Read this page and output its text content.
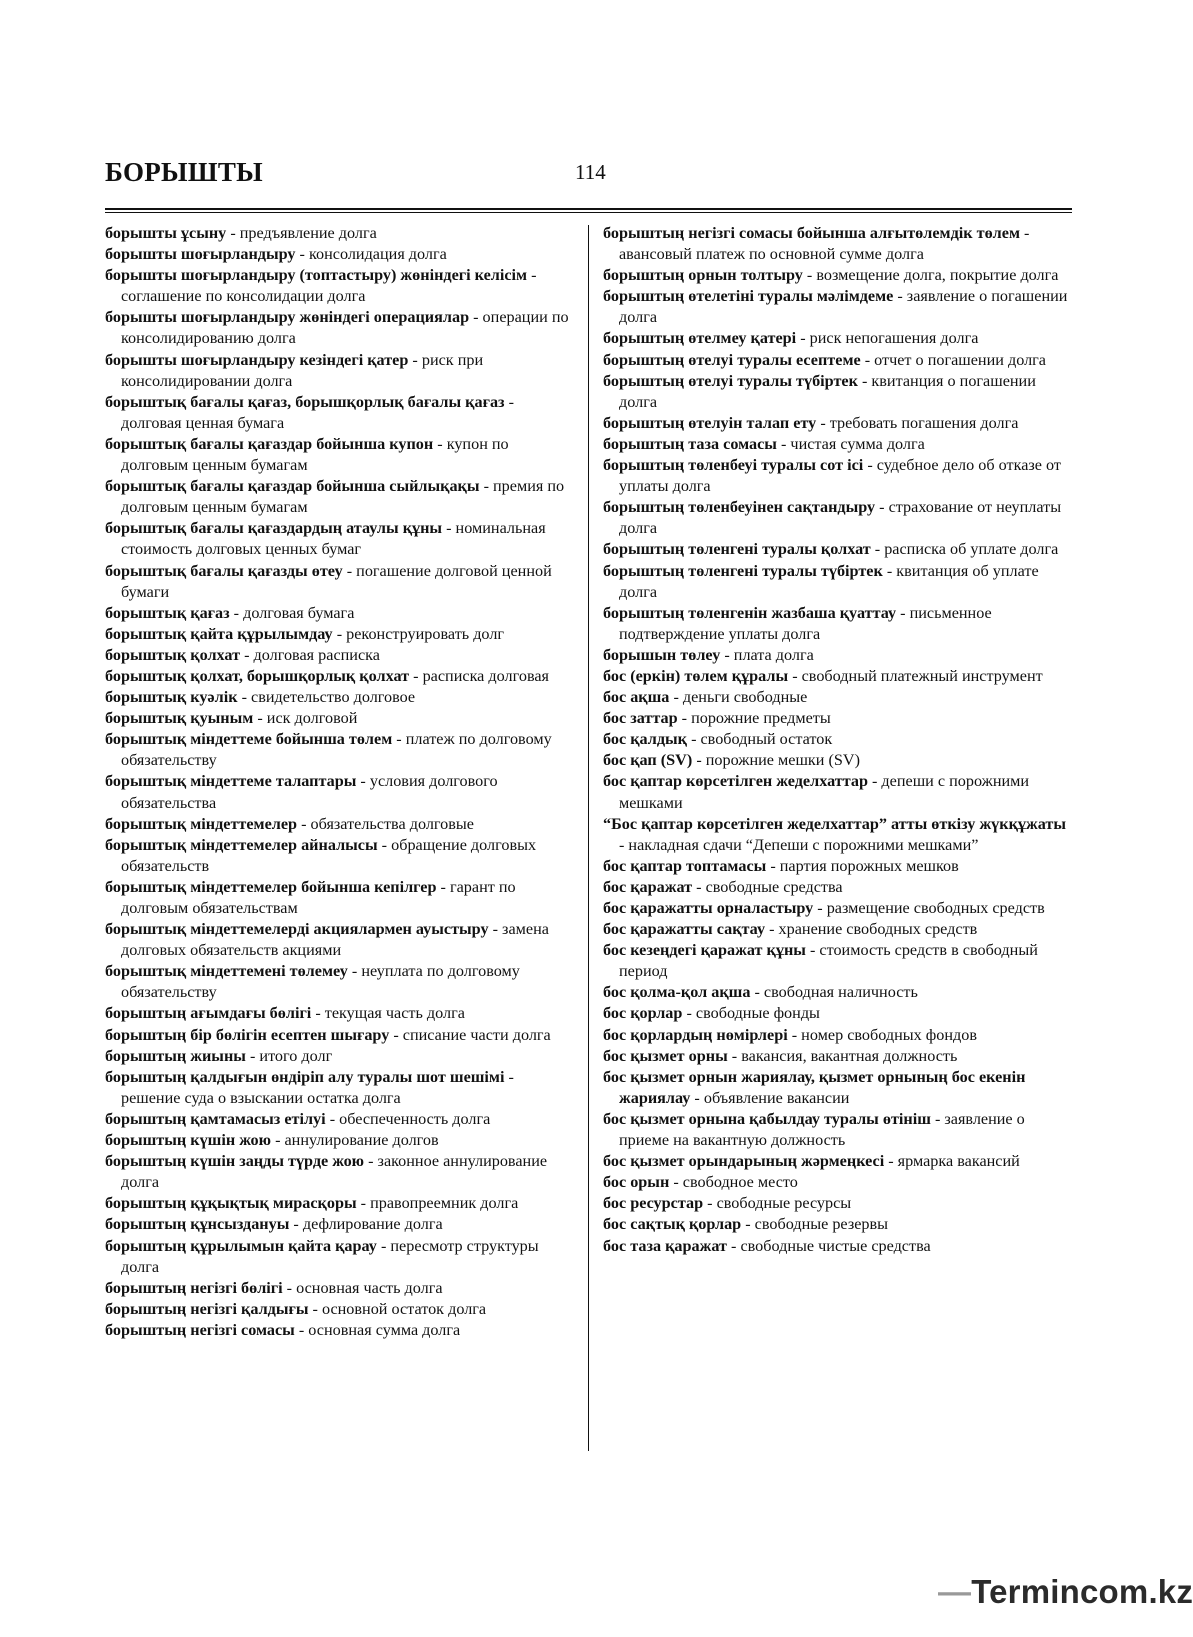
БОРЫШТЫ	114
борышты ұсыну - предъявление долга
борышты шоғырландыру - консолидация долга
борышты шоғырландыру (топтастыру) жөніндегі келісім - соглашение по консолидации долга
борышты шоғырландыру жөніндегі операциялар - операции по консолидированию долга
борышты шоғырландыру кезіндегі қатер - риск при консолидировании долга
борыштық бағалы қағаз, борышқорлық бағалы қағаз - долговая ценная бумага
борыштық бағалы қағаздар бойынша купон - купон по долговым ценным бумагам
борыштық бағалы қағаздар бойынша сыйлықақы - премия по долговым ценным бумагам
борыштық бағалы қағаздардың атаулы құны - номинальная стоимость долговых ценных бумаг
борыштық бағалы қағазды өтеу - погашение долговой ценной бумаги
борыштық қағаз - долговая бумага
борыштық қайта құрылымдау - реконструировать долг
борыштық қолхат - долговая расписка
борыштық қолхат, борышқорлық қолхат - расписка долговая
борыштық куәлік - свидетельство долговое
борыштық қуыным - иск долговой
борыштық міндеттеме бойынша төлем - платеж по долговому обязательству
борыштық міндеттеме талаптары - условия долгового обязательства
борыштық міндеттемелер - обязательства долговые
борыштық міндеттемелер айналысы - обращение долговых обязательств
борыштық міндеттемелер бойынша кепілгер - гарант по долговым обязательствам
борыштық міндеттемелерді акциялармен ауыстыру - замена долговых обязательств акциями
борыштық міндеттемені төлемеу - неуплата по долговому обязательству
борыштың ағымдағы бөлігі - текущая часть долга
борыштың бір бөлігін есептен шығару - списание части долга
борыштың жиыны - итого долг
борыштың қалдығын өндіріп алу туралы шот шешімі - решение суда о взыскании остатка долга
борыштың қамтамасыз етілуі - обеспеченность долга
борыштың күшін жою - аннулирование долгов
борыштың күшін заңды түрде жою - законное аннулирование долга
борыштың құқықтық мирасқоры - правопреемник долга
борыштың құнсыздануы - дефлирование долга
борыштың құрылымын қайта қарау - пересмотр структуры долга
борыштың негізгі бөлігі - основная часть долга
борыштың негізгі қалдығы - основной остаток долга
борыштың негізгі сомасы - основная сумма долга
борыштың негізгі сомасы бойынша алғытөлемдік төлем - авансовый платеж по основной сумме долга
борыштың орнын толтыру - возмещение долга, покрытие долга
борыштың өтелетіні туралы мәлімдеме - заявление о погашении долга
борыштың өтелмеу қатері - риск непогашения долга
борыштың өтелуі туралы есептеме - отчет о погашении долга
борыштың өтелуі туралы түбіртек - квитанция о погашении долга
борыштың өтелуін талап ету - требовать погашения долга
борыштың таза сомасы - чистая сумма долга
борыштың төленбеуі туралы сот ісі - судебное дело об отказе от уплаты долга
борыштың төленбеуінен сақтандыру - страхование от неуплаты долга
борыштың төленгені туралы қолхат - расписка об уплате долга
борыштың төленгені туралы түбіртек - квитанция об уплате долга
борыштың төленгенін жазбаша қуаттау - письменное подтверждение уплаты долга
борышын төлеу - плата долга
бос (еркін) төлем құралы - свободный платежный инструмент
бос ақша - деньги свободные
бос заттар - порожние предметы
бос қалдық - свободный остаток
бос қап (SV) - порожние мешки (SV)
бос қаптар көрсетілген жеделхаттар - депеши с порожними мешками
“Бос қаптар көрсетілген жеделхаттар” атты өткізу жүкқұжаты - накладная сдачи “Депеши с порожними мешками”
бос қаптар топтамасы - партия порожных мешков
бос қаражат - свободные средства
бос қаражатты орналастыру - размещение свободных средств
бос қаражатты сақтау - хранение свободных средств
бос кезеңдегі қаражат құны - стоимость средств в свободный период
бос қолма-қол ақша - свободная наличность
бос қорлар - свободные фонды
бос қорлардың нөмірлері - номер свободных фондов
бос қызмет орны - вакансия, вакантная должность
бос қызмет орнын жариялау, қызмет орнының бос екенін жариялау - объявление вакансии
бос қызмет орнына қабылдау туралы өтініш - заявление о приеме на вакантную должность
бос қызмет орындарының жәрмеңкесі - ярмарка вакансий
бос орын - свободное место
бос ресурстар - свободные ресурсы
бос сақтық қорлар - свободные резервы
бос таза қаражат - свободные чистые средства
—Termincom.kz
